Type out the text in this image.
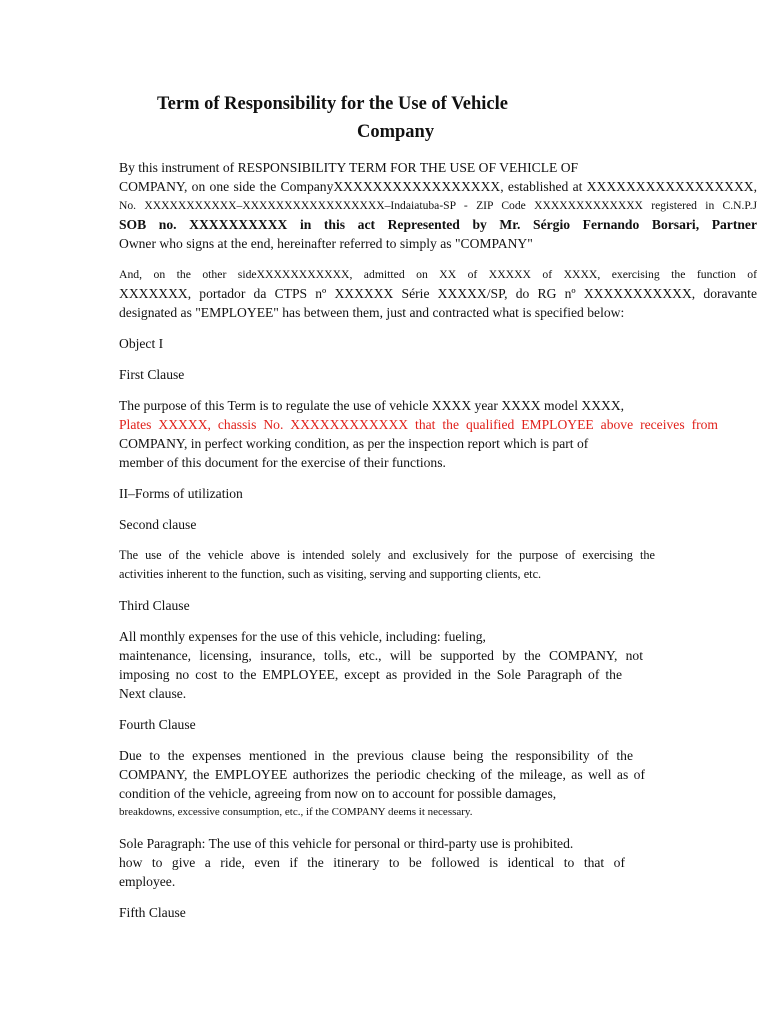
Term of Responsibility for the Use of Vehicle
Company
By this instrument of RESPONSIBILITY TERM FOR THE USE OF VEHICLE OF
COMPANY, on one side the CompanyXXXXXXXXXXXXXXXXX, established at XXXXXXXXXXXXXXXXX,
No. XXXXXXXXXXX–XXXXXXXXXXXXXXXXX–Indaiatuba-SP - ZIP Code XXXXXXXXXXXXX registered in C.N.P.J
SOB no. XXXXXXXXXX in this act Represented by Mr. Sérgio Fernando Borsari, Partner
Owner who signs at the end, hereinafter referred to simply as "COMPANY"
And, on the other sideXXXXXXXXXXX, admitted on XX of XXXXX of XXXX, exercising the function of
XXXXXXX, portador da CTPS nº XXXXXX Série XXXXX/SP, do RG nº XXXXXXXXXXX, doravante
designated as "EMPLOYEE" has between them, just and contracted what is specified below:
Object I
First Clause
The purpose of this Term is to regulate the use of vehicle XXXX year XXXX model XXXX,
Plates XXXXX, chassis No. XXXXXXXXXXXX that the qualified EMPLOYEE above receives from
COMPANY, in perfect working condition, as per the inspection report which is part of
member of this document for the exercise of their functions.
II–Forms of utilization
Second clause
The use of the vehicle above is intended solely and exclusively for the purpose of exercising the
activities inherent to the function, such as visiting, serving and supporting clients, etc.
Third Clause
All monthly expenses for the use of this vehicle, including: fueling,
maintenance, licensing, insurance, tolls, etc., will be supported by the COMPANY, not
imposing no cost to the EMPLOYEE, except as provided in the Sole Paragraph of the
Next clause.
Fourth Clause
Due to the expenses mentioned in the previous clause being the responsibility of the
COMPANY, the EMPLOYEE authorizes the periodic checking of the mileage, as well as of
condition of the vehicle, agreeing from now on to account for possible damages,
breakdowns, excessive consumption, etc., if the COMPANY deems it necessary.
Sole Paragraph: The use of this vehicle for personal or third-party use is prohibited.
how to give a ride, even if the itinerary to be followed is identical to that of
employee.
Fifth Clause
